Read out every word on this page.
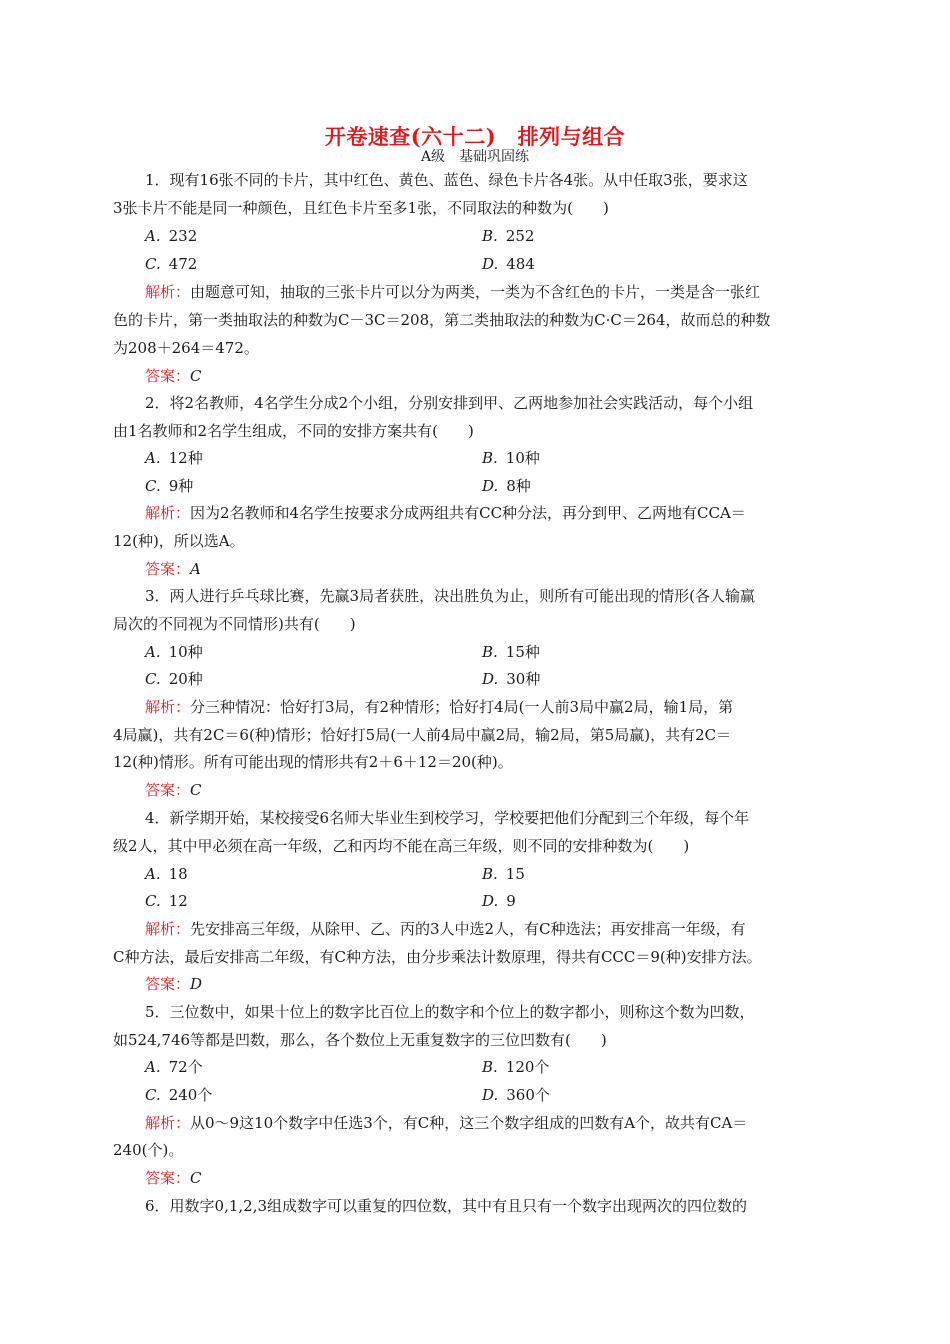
开卷速查(六十二)　排列与组合
A级　基础巩固练
1．现有16张不同的卡片，其中红色、黄色、蓝色、绿色卡片各4张。从中任取3张，要求这
3张卡片不能是同一种颜色，且红色卡片至多1张，不同取法的种数为(　　)
A. 232	B. 252
C. 472	D. 484
解析：由题意可知，抽取的三张卡片可以分为两类，一类为不含红色的卡片，一类是含一张红
色的卡片，第一类抽取法的种数为C－3C＝208，第二类抽取法的种数为C·C＝264，故而总的种数
为208＋264＝472。
答案：C
2．将2名教师，4名学生分成2个小组，分别安排到甲、乙两地参加社会实践活动，每个小组
由1名教师和2名学生组成，不同的安排方案共有(　　)
A. 12种	B. 10种
C. 9种	D. 8种
解析：因为2名教师和4名学生按要求分成两组共有CC种分法，再分到甲、乙两地有CCA＝
12(种)，所以选A。
答案：A
3．两人进行乒乓球比赛，先赢3局者获胜，决出胜负为止，则所有可能出现的情形(各人输赢
局次的不同视为不同情形)共有(　　)
A. 10种	B. 15种
C. 20种	D. 30种
解析：分三种情况：恰好打3局，有2种情形；恰好打4局(一人前3局中赢2局，输1局，第
4局赢)，共有2C＝6(种)情形；恰好打5局(一人前4局中赢2局，输2局，第5局赢)，共有2C＝
12(种)情形。所有可能出现的情形共有2＋6＋12＝20(种)。
答案：C
4．新学期开始，某校接受6名师大毕业生到校学习，学校要把他们分配到三个年级，每个年
级2人，其中甲必须在高一年级，乙和丙均不能在高三年级，则不同的安排种数为(　　)
A. 18	B. 15
C. 12	D. 9
解析：先安排高三年级，从除甲、乙、丙的3人中选2人，有C种选法；再安排高一年级，有
C种方法，最后安排高二年级，有C种方法，由分步乘法计数原理，得共有CCC＝9(种)安排方法。
答案：D
5．三位数中，如果十位上的数字比百位上的数字和个位上的数字都小，则称这个数为凹数，
如524,746等都是凹数，那么，各个数位上无重复数字的三位凹数有(　　)
A. 72个	B. 120个
C. 240个	D. 360个
解析：从0～9这10个数字中任选3个，有C种，这三个数字组成的凹数有A个，故共有CA＝
240(个)。
答案：C
6．用数字0,1,2,3组成数字可以重复的四位数，其中有且只有一个数字出现两次的四位数的
